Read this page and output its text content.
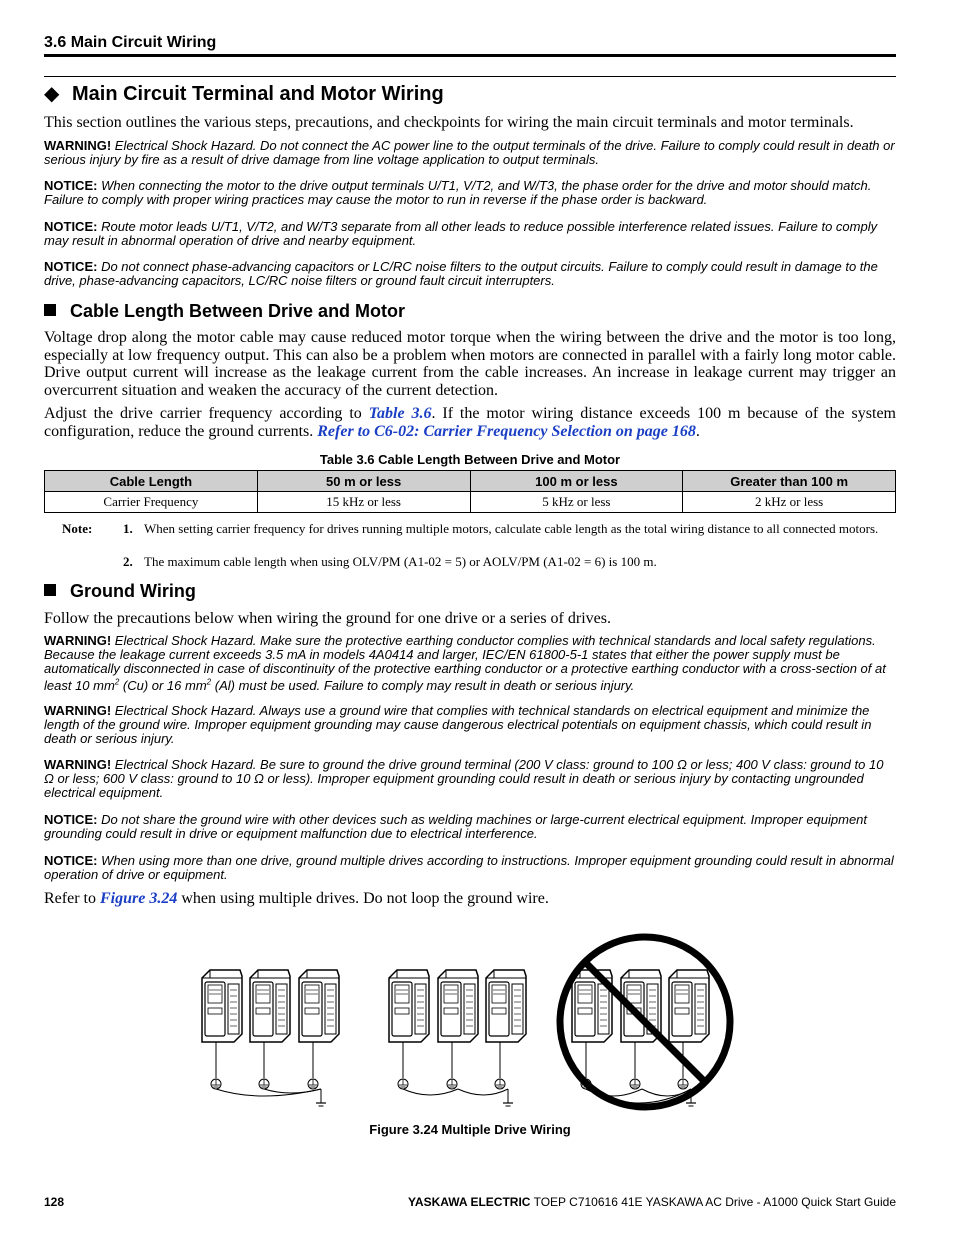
3.6 Main Circuit Wiring
◆ Main Circuit Terminal and Motor Wiring
This section outlines the various steps, precautions, and checkpoints for wiring the main circuit terminals and motor terminals.
WARNING! Electrical Shock Hazard. Do not connect the AC power line to the output terminals of the drive. Failure to comply could result in death or serious injury by fire as a result of drive damage from line voltage application to output terminals.
NOTICE: When connecting the motor to the drive output terminals U/T1, V/T2, and W/T3, the phase order for the drive and motor should match. Failure to comply with proper wiring practices may cause the motor to run in reverse if the phase order is backward.
NOTICE: Route motor leads U/T1, V/T2, and W/T3 separate from all other leads to reduce possible interference related issues. Failure to comply may result in abnormal operation of drive and nearby equipment.
NOTICE: Do not connect phase-advancing capacitors or LC/RC noise filters to the output circuits. Failure to comply could result in damage to the drive, phase-advancing capacitors, LC/RC noise filters or ground fault circuit interrupters.
Cable Length Between Drive and Motor
Voltage drop along the motor cable may cause reduced motor torque when the wiring between the drive and the motor is too long, especially at low frequency output. This can also be a problem when motors are connected in parallel with a fairly long motor cable. Drive output current will increase as the leakage current from the cable increases. An increase in leakage current may trigger an overcurrent situation and weaken the accuracy of the current detection.
Adjust the drive carrier frequency according to Table 3.6. If the motor wiring distance exceeds 100 m because of the system configuration, reduce the ground currents. Refer to C6-02: Carrier Frequency Selection on page 168.
Table 3.6 Cable Length Between Drive and Motor
Cable Length	50 m or less	100 m or less	Greater than 100 m
Carrier Frequency	15 kHz or less	5 kHz or less	2 kHz or less
Note: 1. When setting carrier frequency for drives running multiple motors, calculate cable length as the total wiring distance to all connected motors.
2. The maximum cable length when using OLV/PM (A1-02 = 5) or AOLV/PM (A1-02 = 6) is 100 m.
Ground Wiring
Follow the precautions below when wiring the ground for one drive or a series of drives.
WARNING! Electrical Shock Hazard. Make sure the protective earthing conductor complies with technical standards and local safety regulations. Because the leakage current exceeds 3.5 mA in models 4A0414 and larger, IEC/EN 61800-5-1 states that either the power supply must be automatically disconnected in case of discontinuity of the protective earthing conductor or a protective earthing conductor with a cross-section of at least 10 $mm^2$ (Cu) or 16 $mm^2$ (Al) must be used. Failure to comply may result in death or serious injury.
WARNING! Electrical Shock Hazard. Always use a ground wire that complies with technical standards on electrical equipment and minimize the length of the ground wire. Improper equipment grounding may cause dangerous electrical potentials on equipment chassis, which could result in death or serious injury.
WARNING! Electrical Shock Hazard. Be sure to ground the drive ground terminal (200 V class: ground to 100 Ω or less; 400 V class: ground to 10 Ω or less; 600 V class: ground to 10 Ω or less). Improper equipment grounding could result in death or serious injury by contacting ungrounded electrical equipment.
NOTICE: Do not share the ground wire with other devices such as welding machines or large-current electrical equipment. Improper equipment grounding could result in drive or equipment malfunction due to electrical interference.
NOTICE: When using more than one drive, ground multiple drives according to instructions. Improper equipment grounding could result in abnormal operation of drive or equipment.
Refer to Figure 3.24 when using multiple drives. Do not loop the ground wire.
Figure 3.24 Multiple Drive Wiring
128	YASKAWA ELECTRIC TOEP C710616 41E YASKAWA AC Drive - A1000 Quick Start Guide
